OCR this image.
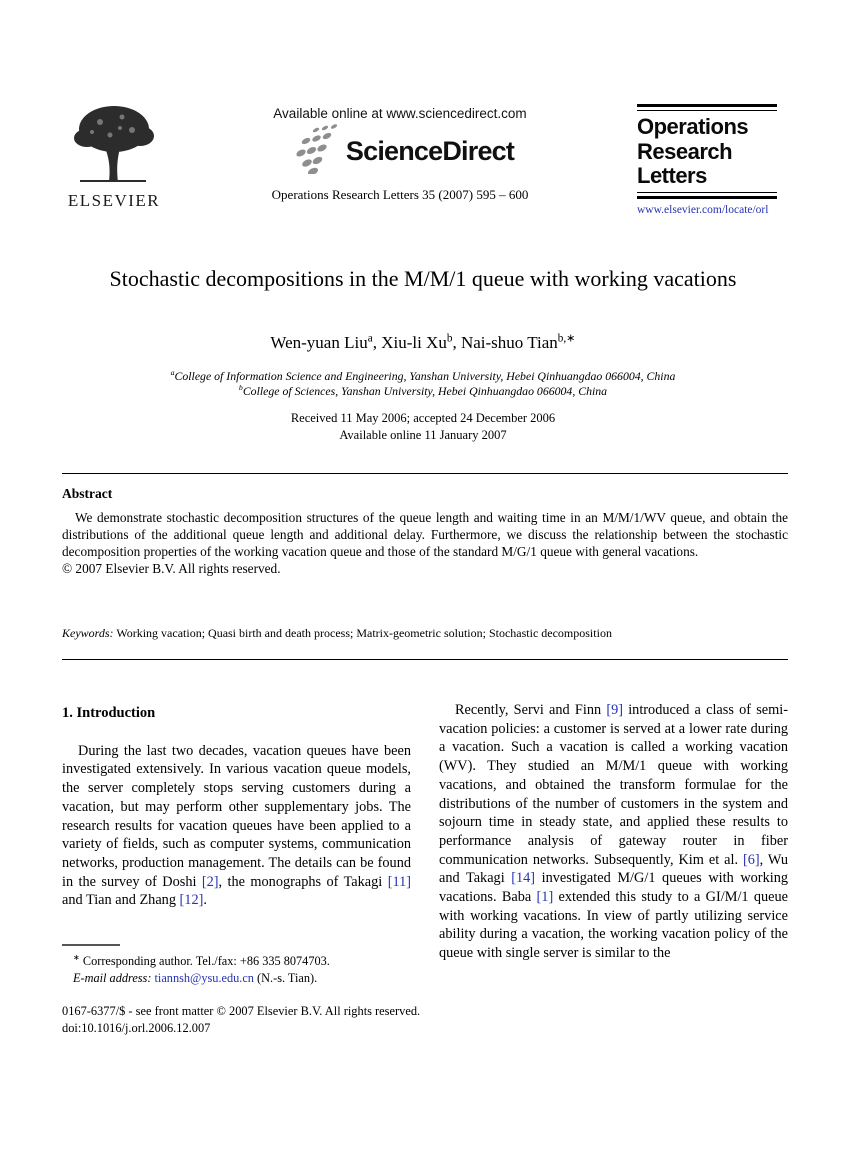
ELSEVIER
Available online at www.sciencedirect.com
ScienceDirect
Operations Research Letters 35 (2007) 595 – 600
Operations
Research
Letters
www.elsevier.com/locate/orl
Stochastic decompositions in the M/M/1 queue with working vacations
Wen-yuan Liu$^a$, Xiu-li Xu$^b$, Nai-shuo Tian$^{b,∗}$
$^a$College of Information Science and Engineering, Yanshan University, Hebei Qinhuangdao 066004, China
$^b$College of Sciences, Yanshan University, Hebei Qinhuangdao 066004, China
Received 11 May 2006; accepted 24 December 2006
Available online 11 January 2007
Abstract

We demonstrate stochastic decomposition structures of the queue length and waiting time in an M/M/1/WV queue, and obtain the distributions of the additional queue length and additional delay. Furthermore, we discuss the relationship between the stochastic decomposition properties of the working vacation queue and those of the standard M/G/1 queue with general vacations.

© 2007 Elsevier B.V. All rights reserved.
Keywords: Working vacation; Quasi birth and death process; Matrix-geometric solution; Stochastic decomposition
1. Introduction

During the last two decades, vacation queues have been investigated extensively. In various vacation queue models, the server completely stops serving customers during a vacation, but may perform other supplementary jobs. The research results for vacation queues have been applied to a variety of fields, such as computer systems, communication networks, production management. The details can be found in the survey of Doshi [2], the monographs of Takagi [11] and Tian and Zhang [12].

Recently, Servi and Finn [9] introduced a class of semi-vacation policies: a customer is served at a lower rate during a vacation. Such a vacation is called a working vacation (WV). They studied an M/M/1 queue with working vacations, and obtained the transform formulae for the distributions of the number of customers in the system and sojourn time in steady state, and applied these results to performance analysis of gateway router in fiber communication networks. Subsequently, Kim et al. [6], Wu and Takagi [14] investigated M/G/1 queues with working vacations. Baba [1] extended this study to a GI/M/1 queue with working vacations. In view of partly utilizing service ability during a vacation, the working vacation policy of the queue with single server is similar to the

∗ Corresponding author. Tel./fax: +86 335 8074703.
E-mail address: tiannsh@ysu.edu.cn (N.-s. Tian).
0167-6377/$ - see front matter © 2007 Elsevier B.V. All rights reserved.
doi:10.1016/j.orl.2006.12.007
